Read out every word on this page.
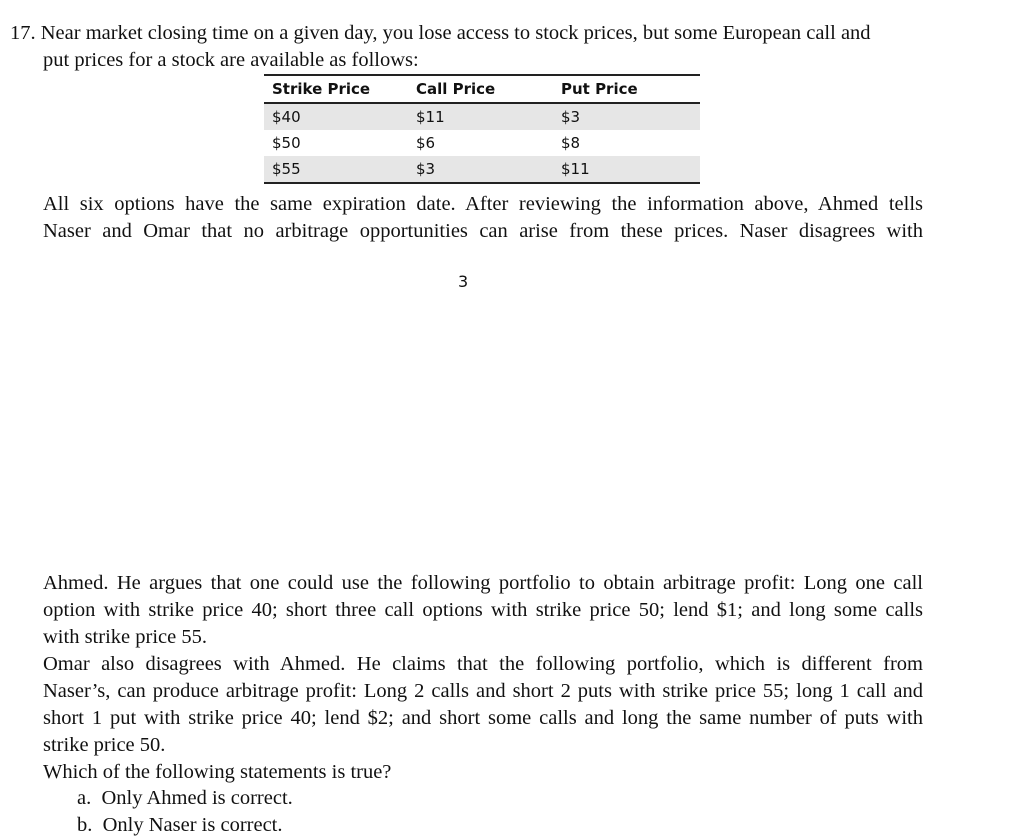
17. Near market closing time on a given day, you lose access to stock prices, but some European call and
put prices for a stock are available as follows:
Strike Price	Call Price	Put Price
$40	$11	$3
$50	$6	$8
$55	$3	$11
All six options have the same expiration date. After reviewing the information above, Ahmed tells
Naser and Omar that no arbitrage opportunities can arise from these prices. Naser disagrees with
3
Ahmed. He argues that one could use the following portfolio to obtain arbitrage profit: Long one call
option with strike price 40; short three call options with strike price 50; lend $1; and long some calls
with strike price 55.
Omar also disagrees with Ahmed. He claims that the following portfolio, which is different from
Naser’s, can produce arbitrage profit: Long 2 calls and short 2 puts with strike price 55; long 1 call and
short 1 put with strike price 40; lend $2; and short some calls and long the same number of puts with
strike price 50.
Which of the following statements is true?
a. Only Ahmed is correct.
b. Only Naser is correct.
